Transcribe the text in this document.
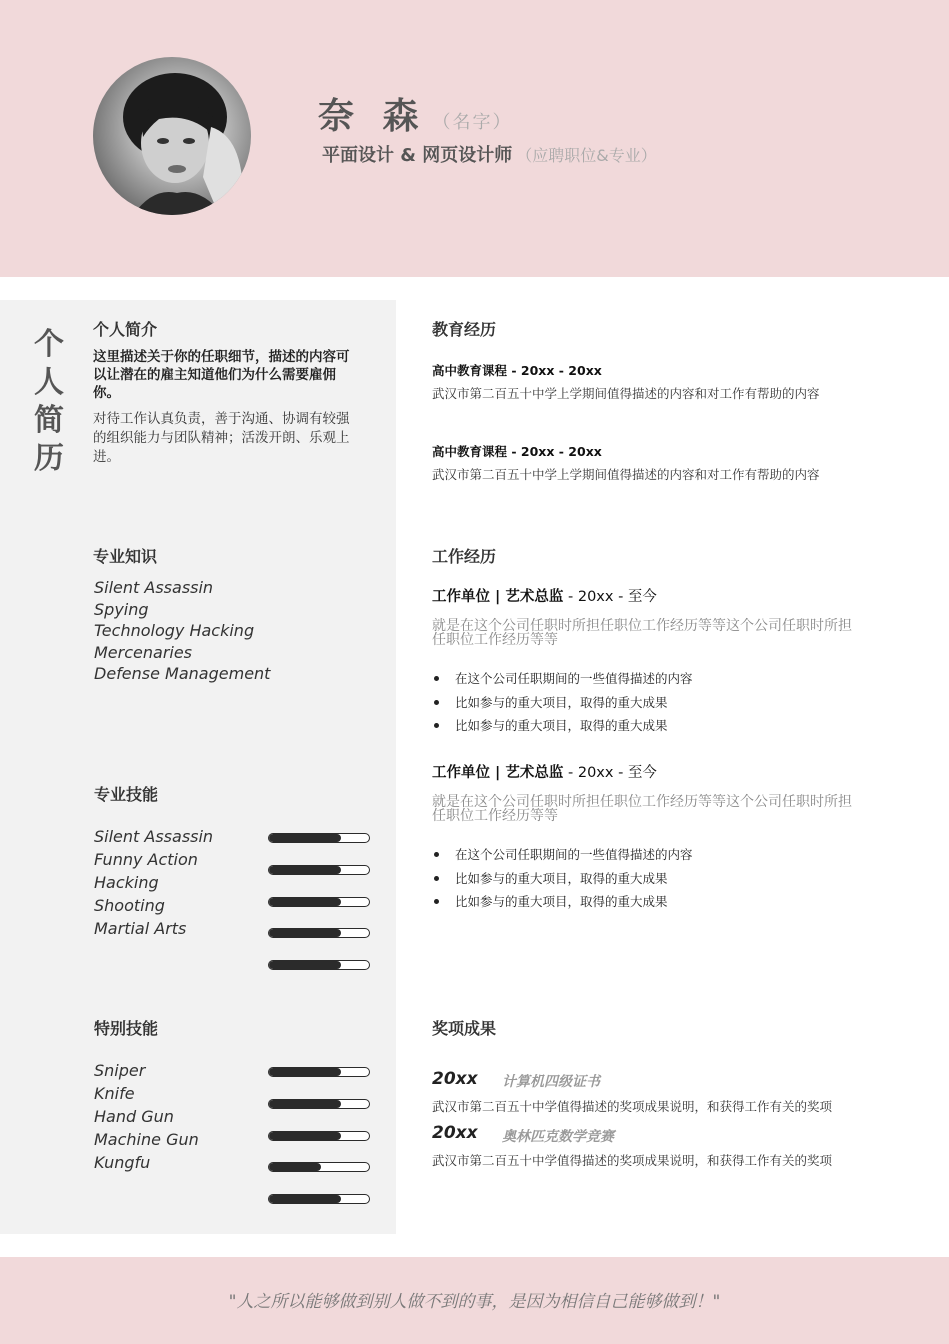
奈 森 （名字）
平面设计 & 网页设计师 （应聘职位&专业）
个
人
简
历
个人简介
这里描述关于你的任职细节，描述的内容可以让潜在的雇主知道他们为什么需要雇佣你。
对待工作认真负责，善于沟通、协调有较强的组织能力与团队精神；活泼开朗、乐观上进。
专业知识
Silent Assassin
Spying
Technology Hacking
Mercenaries
Defense Management
专业技能
Silent Assassin
Funny Action
Hacking
Shooting
Martial Arts
特别技能
Sniper
Knife
Hand Gun
Machine Gun
Kungfu
教育经历
高中教育课程 - 20xx - 20xx
武汉市第二百五十中学上学期间值得描述的内容和对工作有帮助的内容
高中教育课程 - 20xx - 20xx
武汉市第二百五十中学上学期间值得描述的内容和对工作有帮助的内容
工作经历
工作单位 | 艺术总监 - 20xx - 至今
就是在这个公司任职时所担任职位工作经历等等这个公司任职时所担任职位工作经历等等
在这个公司任职期间的一些值得描述的内容
比如参与的重大项目，取得的重大成果
比如参与的重大项目，取得的重大成果
工作单位 | 艺术总监 - 20xx - 至今
就是在这个公司任职时所担任职位工作经历等等这个公司任职时所担任职位工作经历等等
在这个公司任职期间的一些值得描述的内容
比如参与的重大项目，取得的重大成果
比如参与的重大项目，取得的重大成果
奖项成果
20xx 计算机四级证书
武汉市第二百五十中学值得描述的奖项成果说明，和获得工作有关的奖项
20xx 奥林匹克数学竞赛
武汉市第二百五十中学值得描述的奖项成果说明，和获得工作有关的奖项
"人之所以能够做到别人做不到的事，是因为相信自己能够做到！"
